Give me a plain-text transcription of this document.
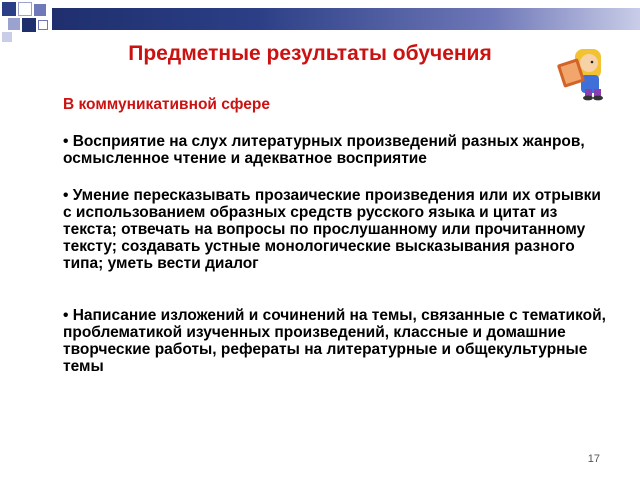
Предметные результаты обучения

В коммуникативной сфере

• Восприятие на слух литературных произведений разных жанров, осмысленное чтение и адекватное восприятие

• Умение пересказывать прозаические произведения или их отрывки с использованием образных средств русского языка и цитат из текста; отвечать на вопросы по прослушанному или прочитанному тексту; создавать устные монологические высказывания разного типа; уметь вести диалог

• Написание изложений и сочинений на темы, связанные с тематикой, проблематикой изученных произведений, классные и домашние творческие работы, рефераты на литературные и общекультурные темы

17
